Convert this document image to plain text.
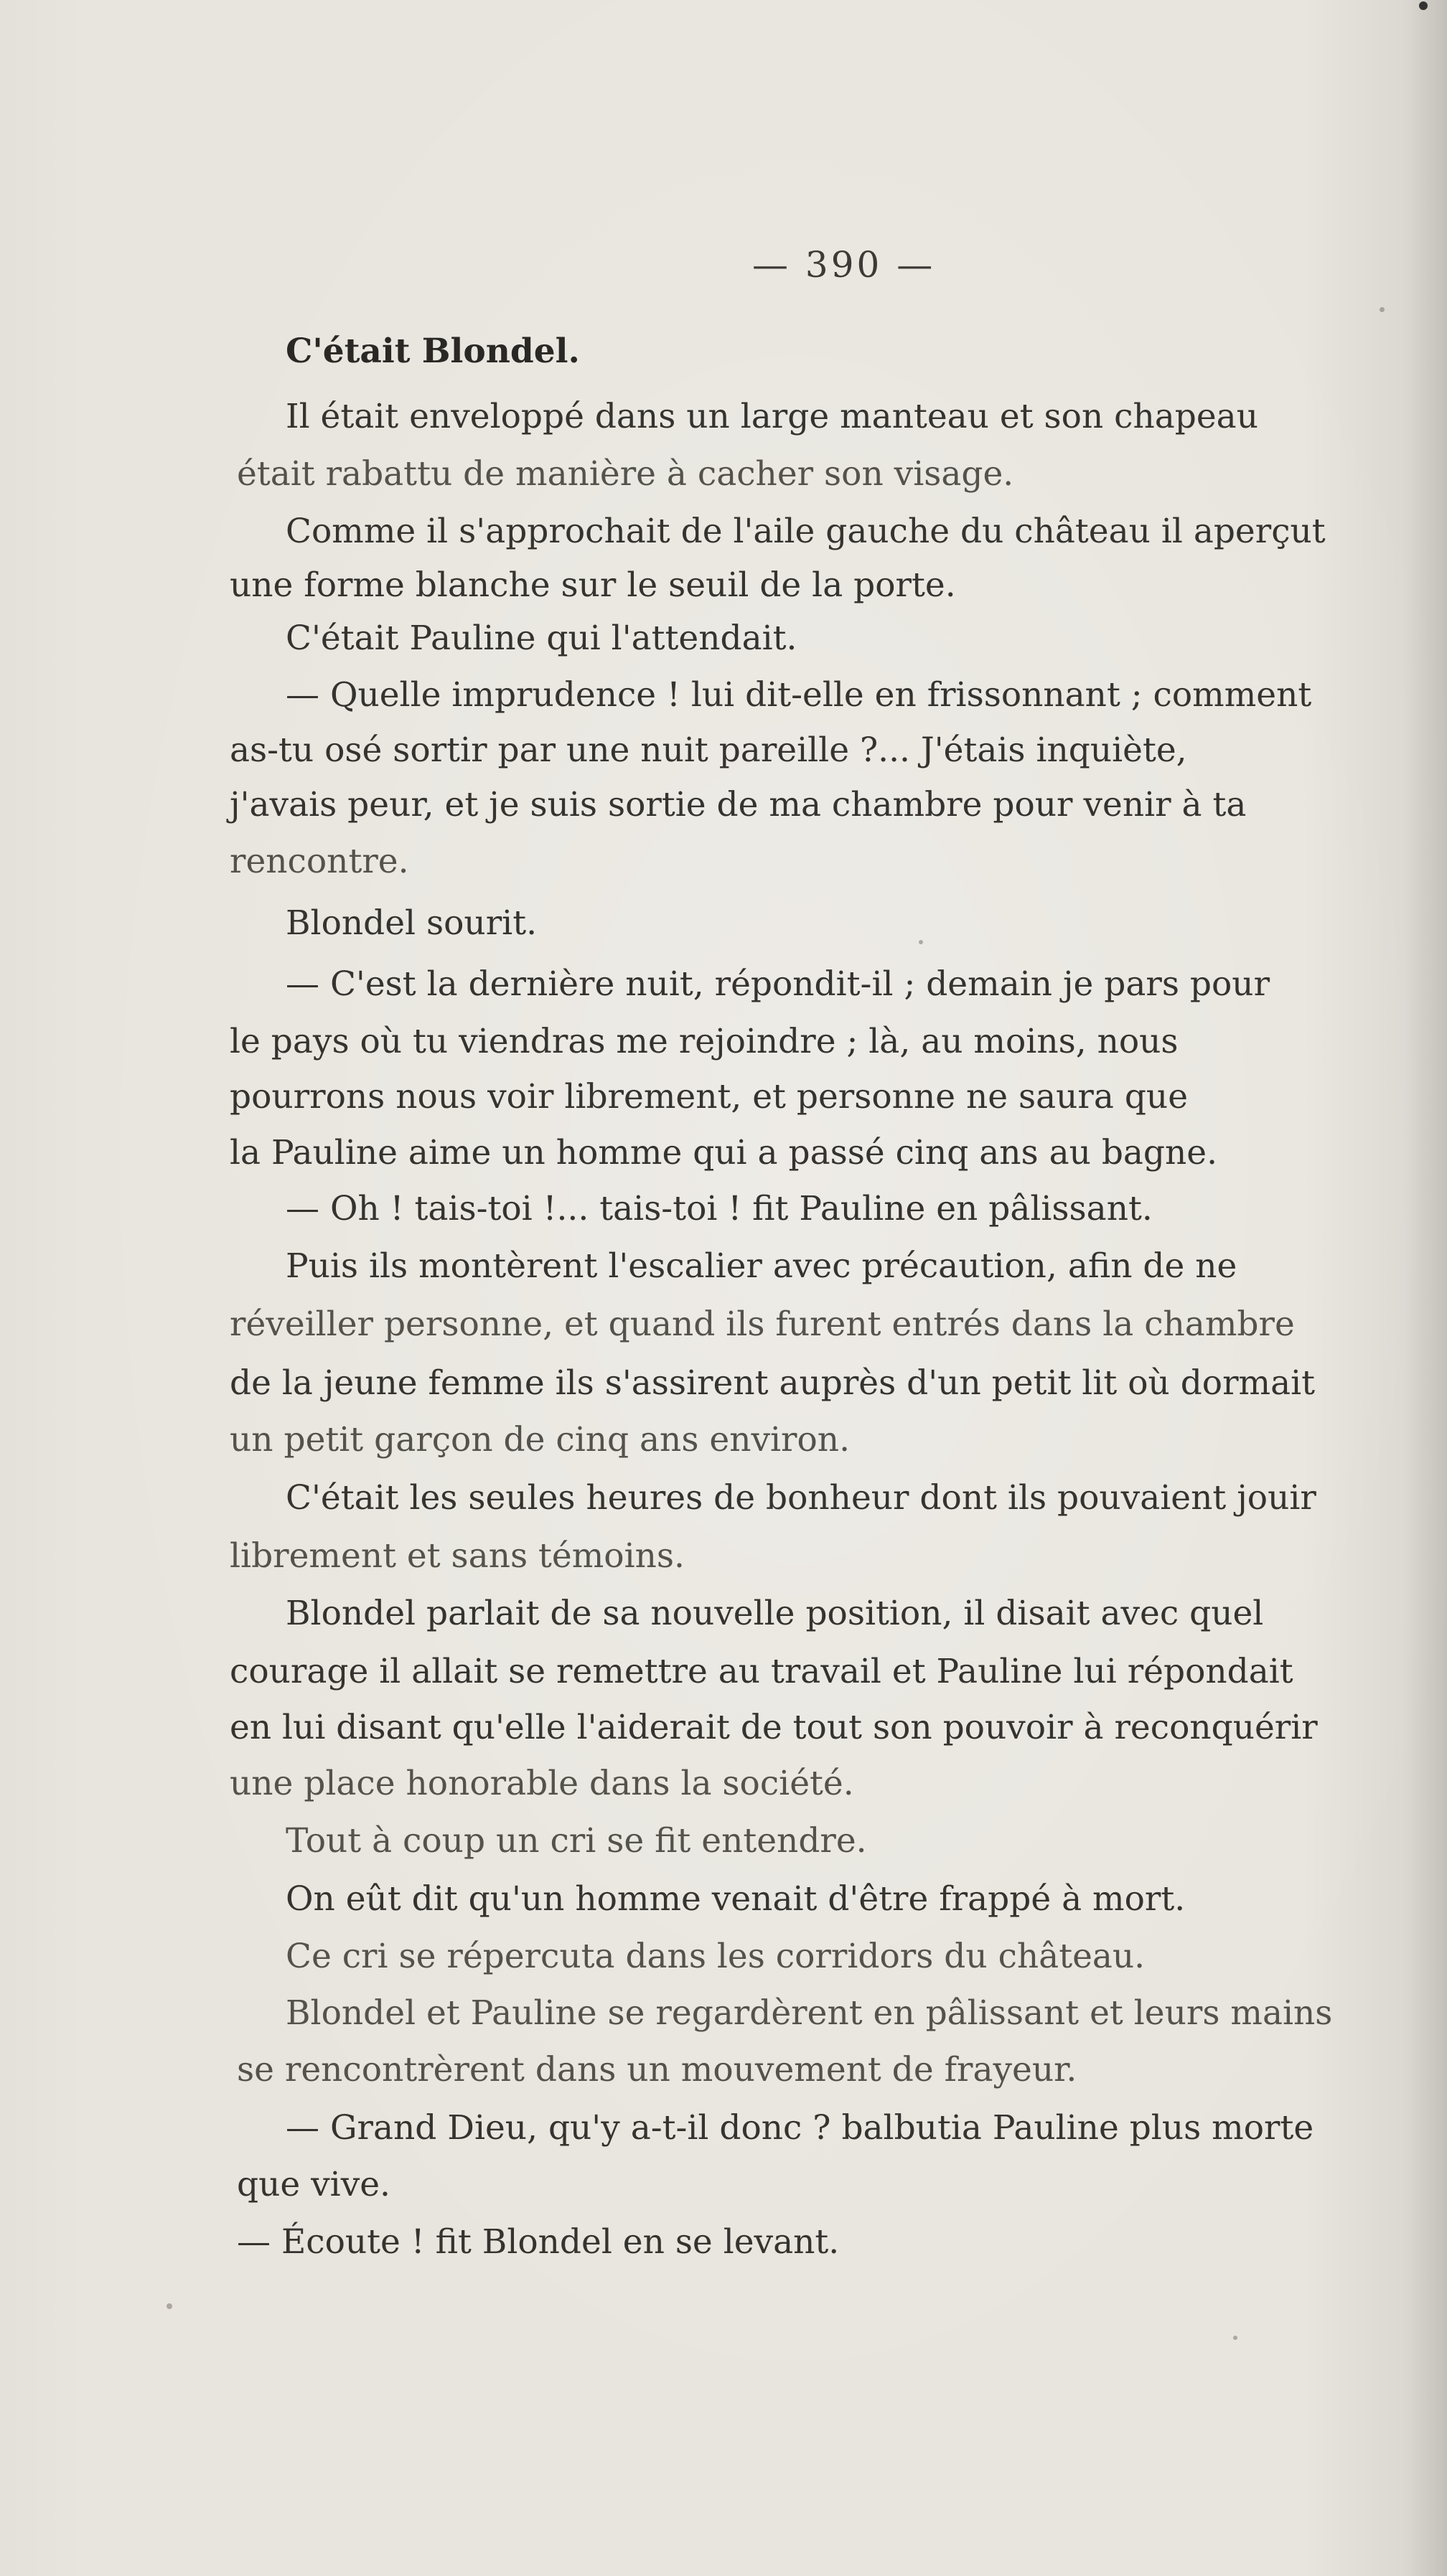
— 390 —
C'était Blondel.
Il était enveloppé dans un large manteau et son chapeau
était rabattu de manière à cacher son visage.
Comme il s'approchait de l'aile gauche du château il aperçut
une forme blanche sur le seuil de la porte.
C'était Pauline qui l'attendait.
— Quelle imprudence ! lui dit-elle en frissonnant ; comment
as-tu osé sortir par une nuit pareille ?... J'étais inquiète,
j'avais peur, et je suis sortie de ma chambre pour venir à ta
rencontre.
Blondel sourit.
— C'est la dernière nuit, répondit-il ; demain je pars pour
le pays où tu viendras me rejoindre ; là, au moins, nous
pourrons nous voir librement, et personne ne saura que
la Pauline aime un homme qui a passé cinq ans au bagne.
— Oh ! tais-toi !... tais-toi ! fit Pauline en pâlissant.
Puis ils montèrent l'escalier avec précaution, afin de ne
réveiller personne, et quand ils furent entrés dans la chambre
de la jeune femme ils s'assirent auprès d'un petit lit où dormait
un petit garçon de cinq ans environ.
C'était les seules heures de bonheur dont ils pouvaient jouir
librement et sans témoins.
Blondel parlait de sa nouvelle position, il disait avec quel
courage il allait se remettre au travail et Pauline lui répondait
en lui disant qu'elle l'aiderait de tout son pouvoir à reconquérir
une place honorable dans la société.
Tout à coup un cri se fit entendre.
On eût dit qu'un homme venait d'être frappé à mort.
Ce cri se répercuta dans les corridors du château.
Blondel et Pauline se regardèrent en pâlissant et leurs mains
se rencontrèrent dans un mouvement de frayeur.
— Grand Dieu, qu'y a-t-il donc ? balbutia Pauline plus morte
que vive.
— Écoute ! fit Blondel en se levant.
